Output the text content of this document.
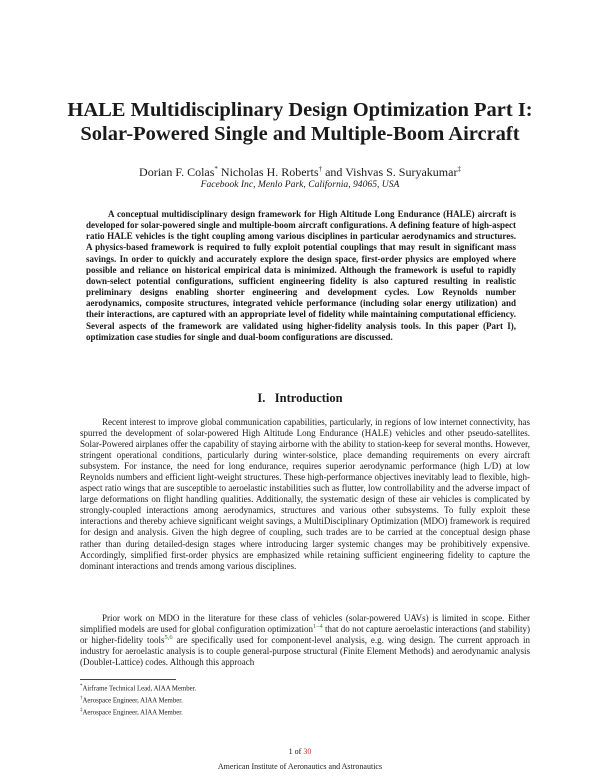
HALE Multidisciplinary Design Optimization Part I:
Solar-Powered Single and Multiple-Boom Aircraft
Dorian F. Colas* Nicholas H. Roberts† and Vishvas S. Suryakumar‡
Facebook Inc, Menlo Park, California, 94065, USA

A conceptual multidisciplinary design framework for High Altitude Long Endurance (HALE) aircraft is developed for solar-powered single and multiple-boom aircraft configurations. A defining feature of high-aspect ratio HALE vehicles is the tight coupling among various disciplines in particular aerodynamics and structures. A physics-based framework is required to fully exploit potential couplings that may result in significant mass savings. In order to quickly and accurately explore the design space, first-order physics are employed where possible and reliance on historical empirical data is minimized. Although the framework is useful to rapidly down-select potential configurations, sufficient engineering fidelity is also captured resulting in realistic preliminary designs enabling shorter engineering and development cycles. Low Reynolds number aerodynamics, composite structures, integrated vehicle performance (including solar energy utilization) and their interactions, are captured with an appropriate level of fidelity while maintaining computational efficiency. Several aspects of the framework are validated using higher-fidelity analysis tools. In this paper (Part I), optimization case studies for single and dual-boom configurations are discussed.

I. Introduction

Recent interest to improve global communication capabilities, particularly, in regions of low internet connectivity, has spurred the development of solar-powered High Altitude Long Endurance (HALE) vehicles and other pseudo-satellites. Solar-Powered airplanes offer the capability of staying airborne with the ability to station-keep for several months. However, stringent operational conditions, particularly during winter-solstice, place demanding requirements on every aircraft subsystem. For instance, the need for long endurance, requires superior aerodynamic performance (high L/D) at low Reynolds numbers and efficient light-weight structures. These high-performance objectives inevitably lead to flexible, high-aspect ratio wings that are susceptible to aeroelastic instabilities such as flutter, low controllability and the adverse impact of large deformations on flight handling qualities. Additionally, the systematic design of these air vehicles is complicated by strongly-coupled interactions among aerodynamics, structures and various other subsystems. To fully exploit these interactions and thereby achieve significant weight savings, a MultiDisciplinary Optimization (MDO) framework is required for design and analysis. Given the high degree of coupling, such trades are to be carried at the conceptual design phase rather than during detailed-design stages where introducing larger systemic changes may be prohibitively expensive. Accordingly, simplified first-order physics are emphasized while retaining sufficient engineering fidelity to capture the dominant interactions and trends among various disciplines.

Prior work on MDO in the literature for these class of vehicles (solar-powered UAVs) is limited in scope. Either simplified models are used for global configuration optimization$^{1-4}$ that do not capture aeroelastic interactions (and stability) or higher-fidelity tools$^{5,6}$ are specifically used for component-level analysis, e.g. wing design. The current approach in industry for aeroelastic analysis is to couple general-purpose structural (Finite Element Methods) and aerodynamic analysis (Doublet-Lattice) codes. Although this approach

*Airframe Technical Lead, AIAA Member.
†Aerospace Engineer, AIAA Member.
‡Aerospace Engineer, AIAA Member.
1 of 30
American Institute of Aeronautics and Astronautics
